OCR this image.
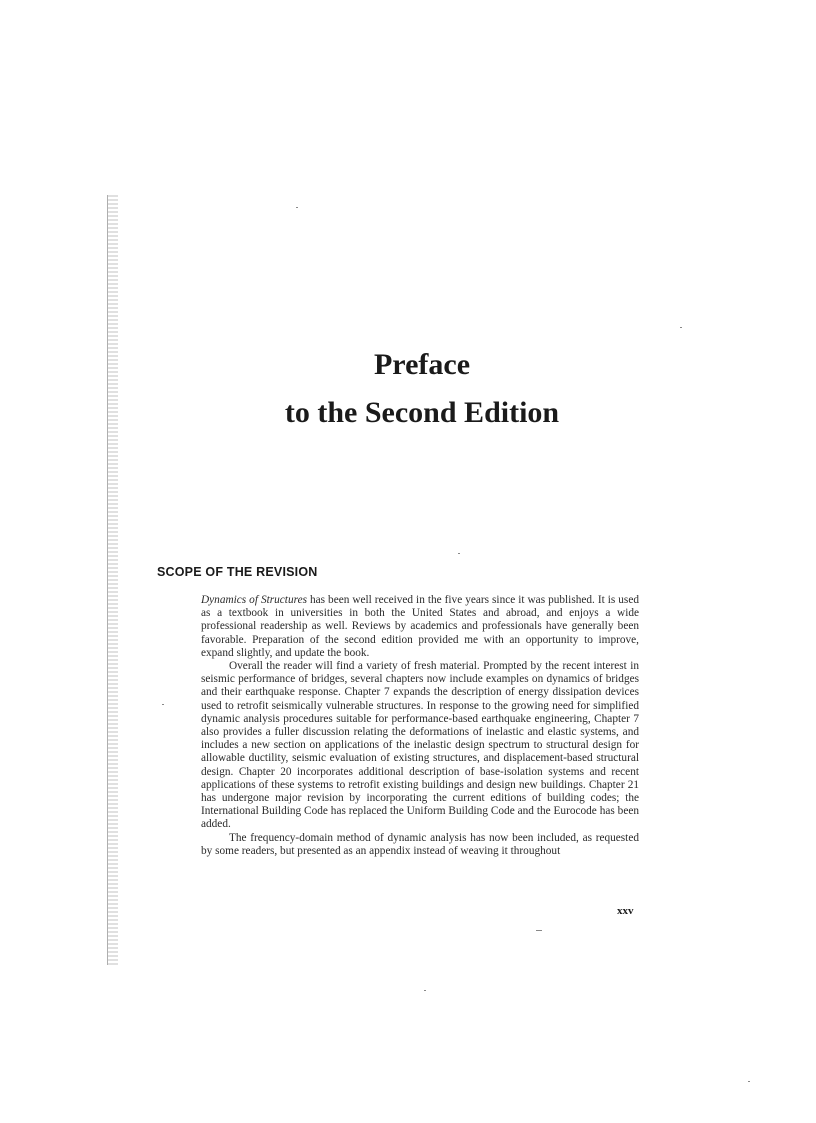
Preface
to the Second Edition
SCOPE OF THE REVISION

Dynamics of Structures has been well received in the five years since it was published. It is used as a textbook in universities in both the United States and abroad, and enjoys a wide professional readership as well. Reviews by academics and professionals have generally been favorable. Preparation of the second edition provided me with an opportunity to improve, expand slightly, and update the book.

Overall the reader will find a variety of fresh material. Prompted by the recent interest in seismic performance of bridges, several chapters now include examples on dynamics of bridges and their earthquake response. Chapter 7 expands the description of energy dissipation devices used to retrofit seismically vulnerable structures. In response to the growing need for simplified dynamic analysis procedures suitable for performance-based earthquake engineering, Chapter 7 also provides a fuller discussion relating the deformations of inelastic and elastic systems, and includes a new section on applications of the inelastic design spectrum to structural design for allowable ductility, seismic evaluation of existing structures, and displacement-based structural design. Chapter 20 incorporates additional description of base-isolation systems and recent applications of these systems to retrofit existing buildings and design new buildings. Chapter 21 has undergone major revision by incorporating the current editions of building codes; the International Building Code has replaced the Uniform Building Code and the Eurocode has been added.

The frequency-domain method of dynamic analysis has now been included, as requested by some readers, but presented as an appendix instead of weaving it throughout

xxv
